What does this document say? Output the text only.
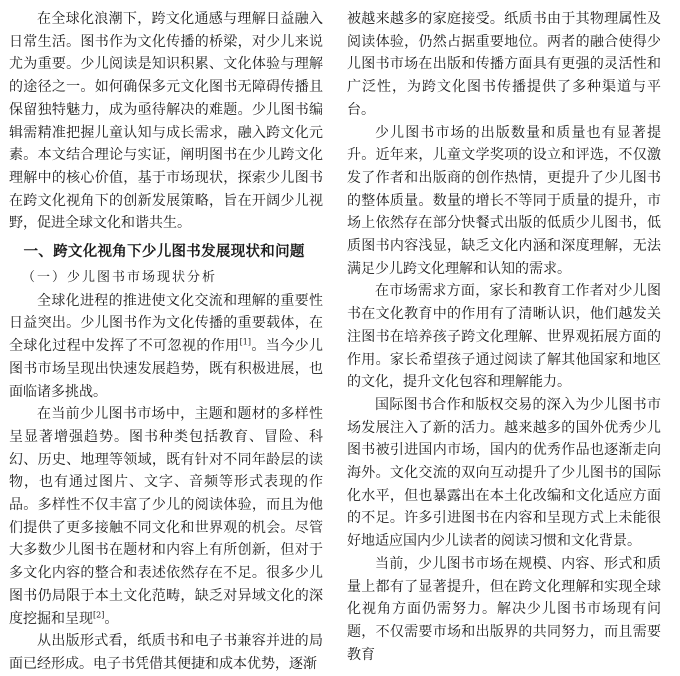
在全球化浪潮下，跨文化通感与理解日益融入日常生活。图书作为文化传播的桥梁，对少儿来说尤为重要。少儿阅读是知识积累、文化体验与理解的途径之一。如何确保多元文化图书无障碍传播且保留独特魅力，成为亟待解决的难题。少儿图书编辑需精准把握儿童认知与成长需求，融入跨文化元素。本文结合理论与实证，阐明图书在少儿跨文化理解中的核心价值，基于市场现状，探索少儿图书在跨文化视角下的创新发展策略，旨在开阔少儿视野，促进全球文化和谐共生。

一、跨文化视角下少儿图书发展现状和问题
（一）少儿图书市场现状分析

全球化进程的推进使文化交流和理解的重要性日益突出。少儿图书作为文化传播的重要载体，在全球化过程中发挥了不可忽视的作用[1]。当今少儿图书市场呈现出快速发展趋势，既有积极进展，也面临诸多挑战。

在当前少儿图书市场中，主题和题材的多样性呈显著增强趋势。图书种类包括教育、冒险、科幻、历史、地理等领域，既有针对不同年龄层的读物，也有通过图片、文字、音频等形式表现的作品。多样性不仅丰富了少儿的阅读体验，而且为他们提供了更多接触不同文化和世界观的机会。尽管大多数少儿图书在题材和内容上有所创新，但对于多文化内容的整合和表述依然存在不足。很多少儿图书仍局限于本土文化范畴，缺乏对异域文化的深度挖掘和呈现[2]。

从出版形式看，纸质书和电子书兼容并进的局面已经形成。电子书凭借其便捷和成本优势，逐渐

被越来越多的家庭接受。纸质书由于其物理属性及阅读体验，仍然占据重要地位。两者的融合使得少儿图书市场在出版和传播方面具有更强的灵活性和广泛性，为跨文化图书传播提供了多种渠道与平台。

少儿图书市场的出版数量和质量也有显著提升。近年来，儿童文学奖项的设立和评选，不仅激发了作者和出版商的创作热情，更提升了少儿图书的整体质量。数量的增长不等同于质量的提升，市场上依然存在部分快餐式出版的低质少儿图书，低质图书内容浅显，缺乏文化内涵和深度理解，无法满足少儿跨文化理解和认知的需求。

在市场需求方面，家长和教育工作者对少儿图书在文化教育中的作用有了清晰认识，他们越发关注图书在培养孩子跨文化理解、世界观拓展方面的作用。家长希望孩子通过阅读了解其他国家和地区的文化，提升文化包容和理解能力。

国际图书合作和版权交易的深入为少儿图书市场发展注入了新的活力。越来越多的国外优秀少儿图书被引进国内市场，国内的优秀作品也逐渐走向海外。文化交流的双向互动提升了少儿图书的国际化水平，但也暴露出在本土化改编和文化适应方面的不足。许多引进图书在内容和呈现方式上未能很好地适应国内少儿读者的阅读习惯和文化背景。

当前，少儿图书市场在规模、内容、形式和质量上都有了显著提升，但在跨文化理解和实现全球化视角方面仍需努力。解决少儿图书市场现有问题，不仅需要市场和出版界的共同努力，而且需要教育
